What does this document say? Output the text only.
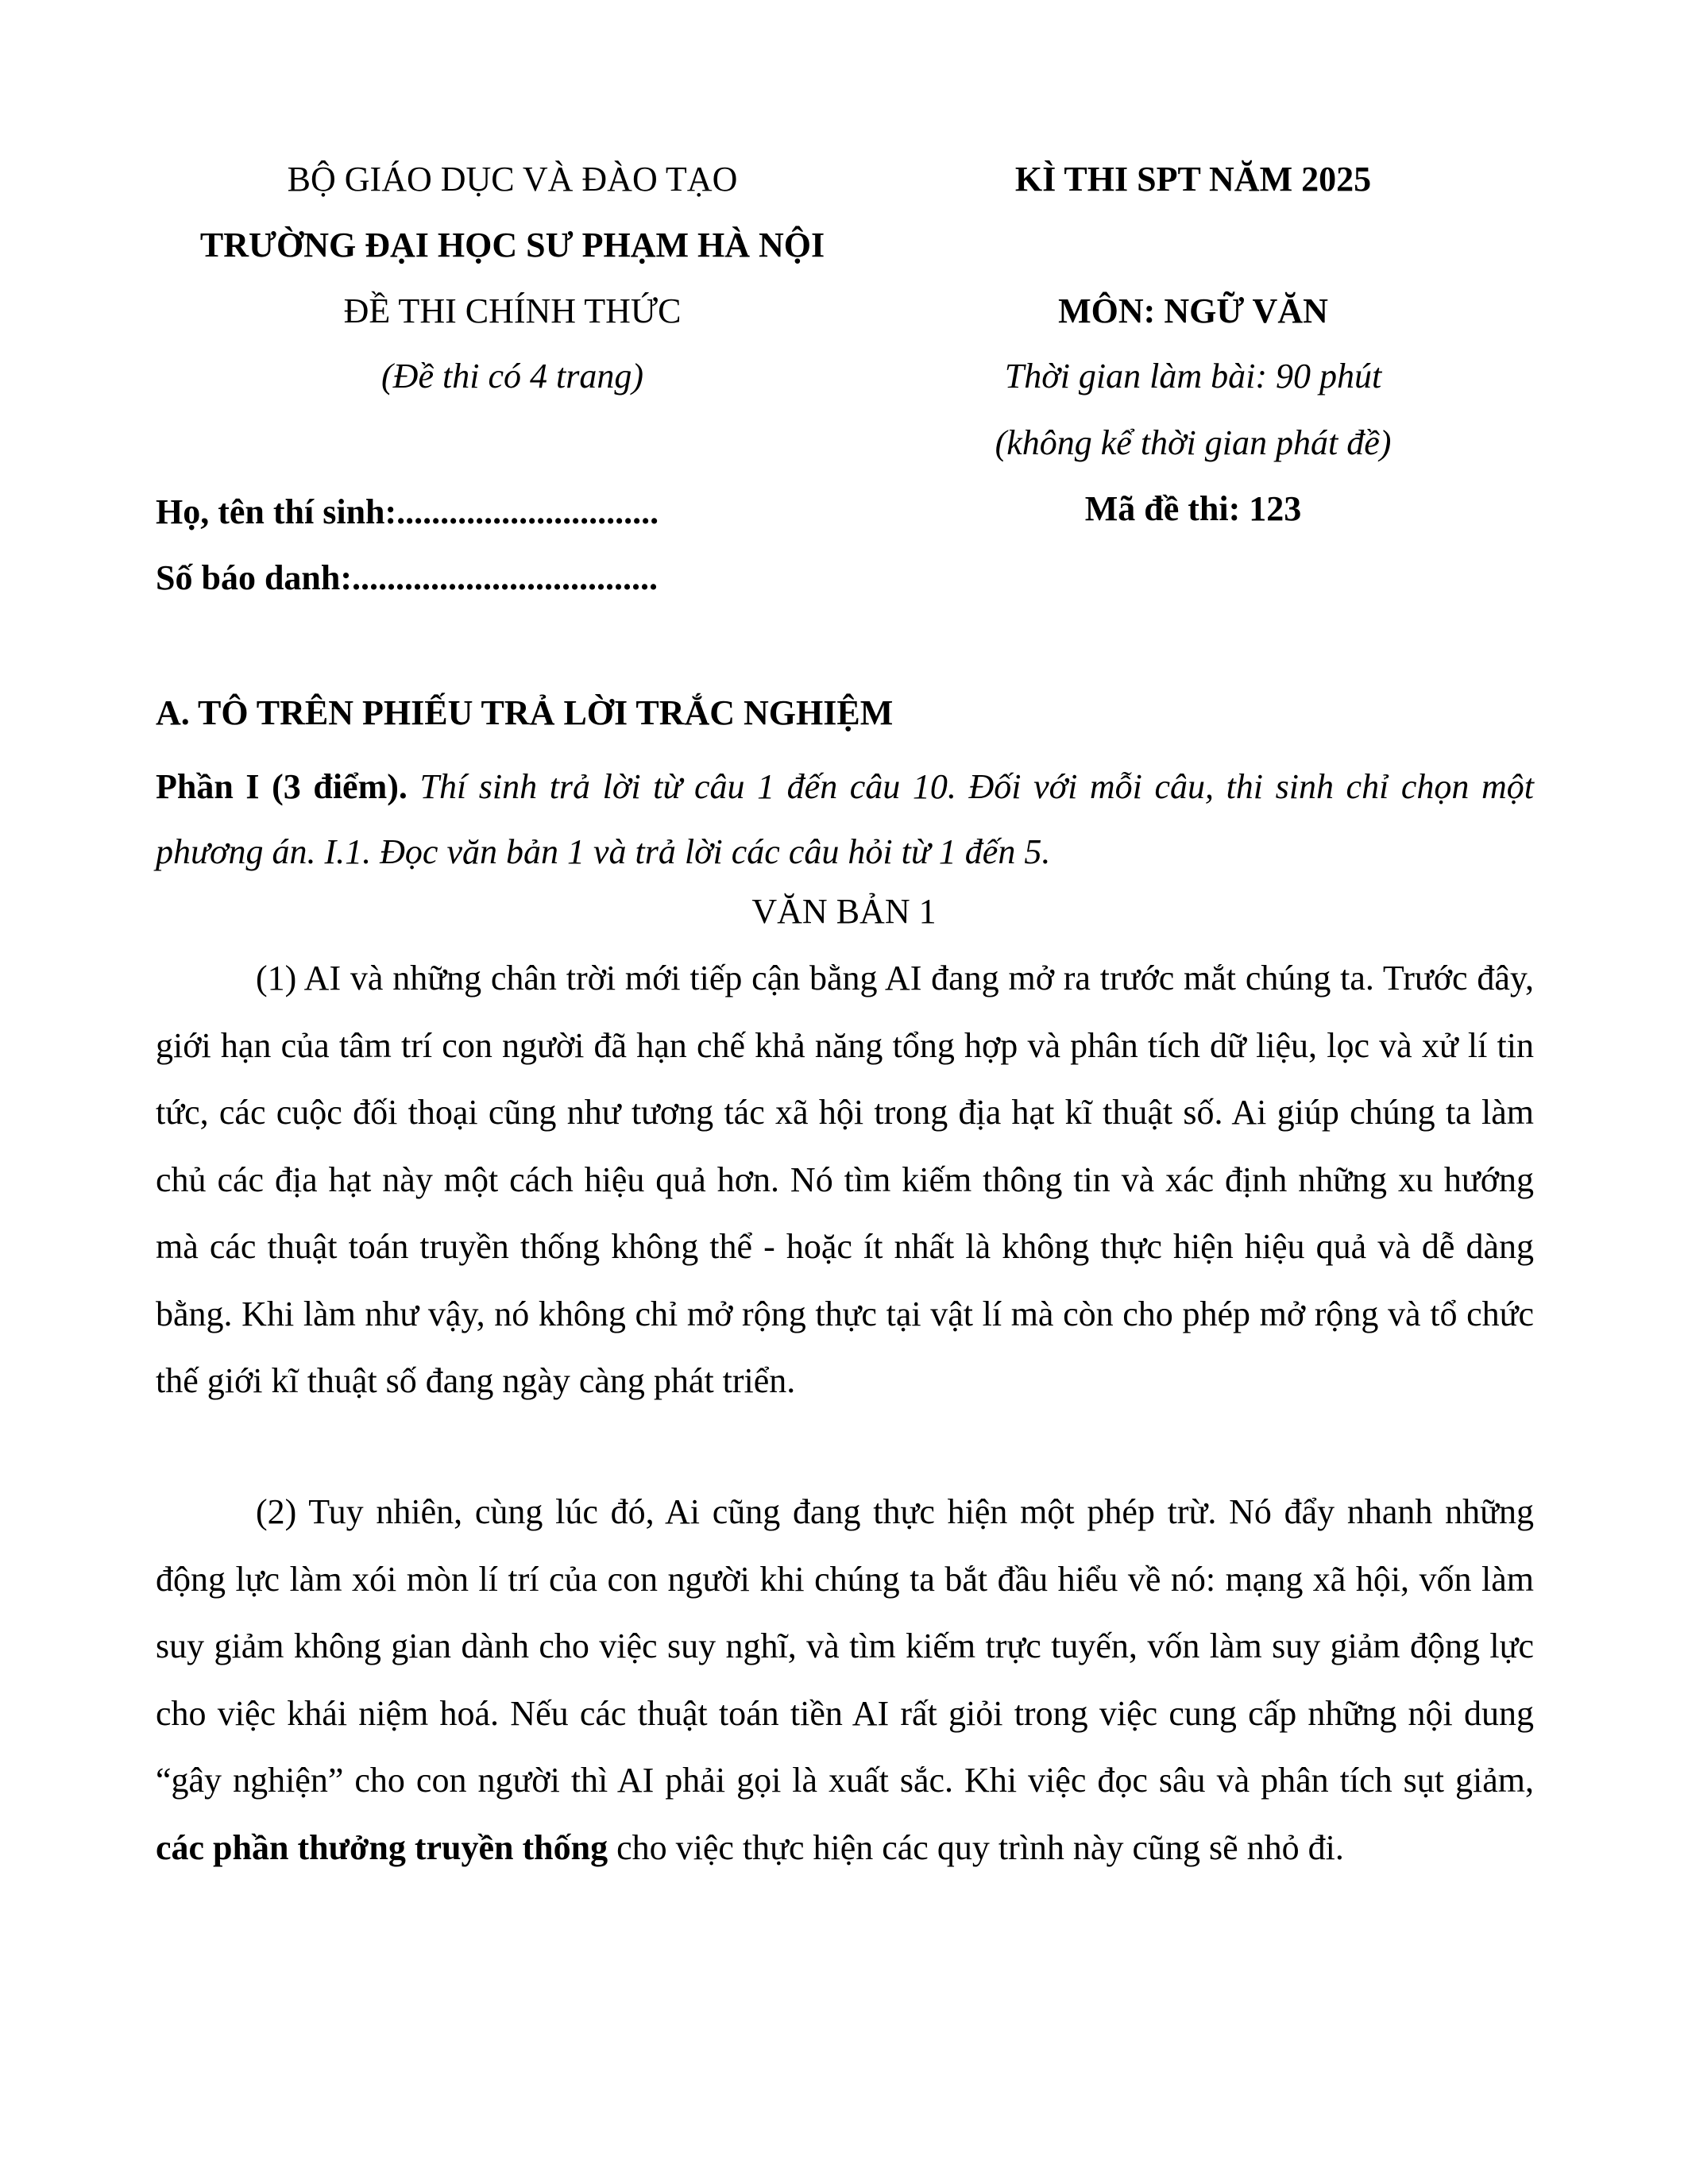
BỘ GIÁO DỤC VÀ ĐÀO TẠO
TRƯỜNG ĐẠI HỌC SƯ PHẠM HÀ NỘI
ĐỀ THI CHÍNH THỨC
(Đề thi có 4 trang)
KÌ THI SPT NĂM 2025
MÔN: NGỮ VĂN
Thời gian làm bài: 90 phút
(không kể thời gian phát đề)
Mã đề thi: 123
Họ, tên thí sinh:..............................
Số báo danh:...................................
A. TÔ TRÊN PHIẾU TRẢ LỜI TRẮC NGHIỆM
Phần I (3 điểm). Thí sinh trả lời từ câu 1 đến câu 10. Đối với mỗi câu, thi sinh chỉ chọn một phương án. I.1. Đọc văn bản 1 và trả lời các câu hỏi từ 1 đến 5.
VĂN BẢN 1
(1) AI và những chân trời mới tiếp cận bằng AI đang mở ra trước mắt chúng ta. Trước đây, giới hạn của tâm trí con người đã hạn chế khả năng tổng hợp và phân tích dữ liệu, lọc và xử lí tin tức, các cuộc đối thoại cũng như tương tác xã hội trong địa hạt kĩ thuật số. Ai giúp chúng ta làm chủ các địa hạt này một cách hiệu quả hơn. Nó tìm kiếm thông tin và xác định những xu hướng mà các thuật toán truyền thống không thể - hoặc ít nhất là không thực hiện hiệu quả và dễ dàng bằng. Khi làm như vậy, nó không chỉ mở rộng thực tại vật lí mà còn cho phép mở rộng và tổ chức thế giới kĩ thuật số đang ngày càng phát triển.
(2) Tuy nhiên, cùng lúc đó, Ai cũng đang thực hiện một phép trừ. Nó đẩy nhanh những động lực làm xói mòn lí trí của con người khi chúng ta bắt đầu hiểu về nó: mạng xã hội, vốn làm suy giảm không gian dành cho việc suy nghĩ, và tìm kiếm trực tuyến, vốn làm suy giảm động lực cho việc khái niệm hoá. Nếu các thuật toán tiền AI rất giỏi trong việc cung cấp những nội dung “gây nghiện” cho con người thì AI phải gọi là xuất sắc. Khi việc đọc sâu và phân tích sụt giảm, các phần thưởng truyền thống cho việc thực hiện các quy trình này cũng sẽ nhỏ đi.
